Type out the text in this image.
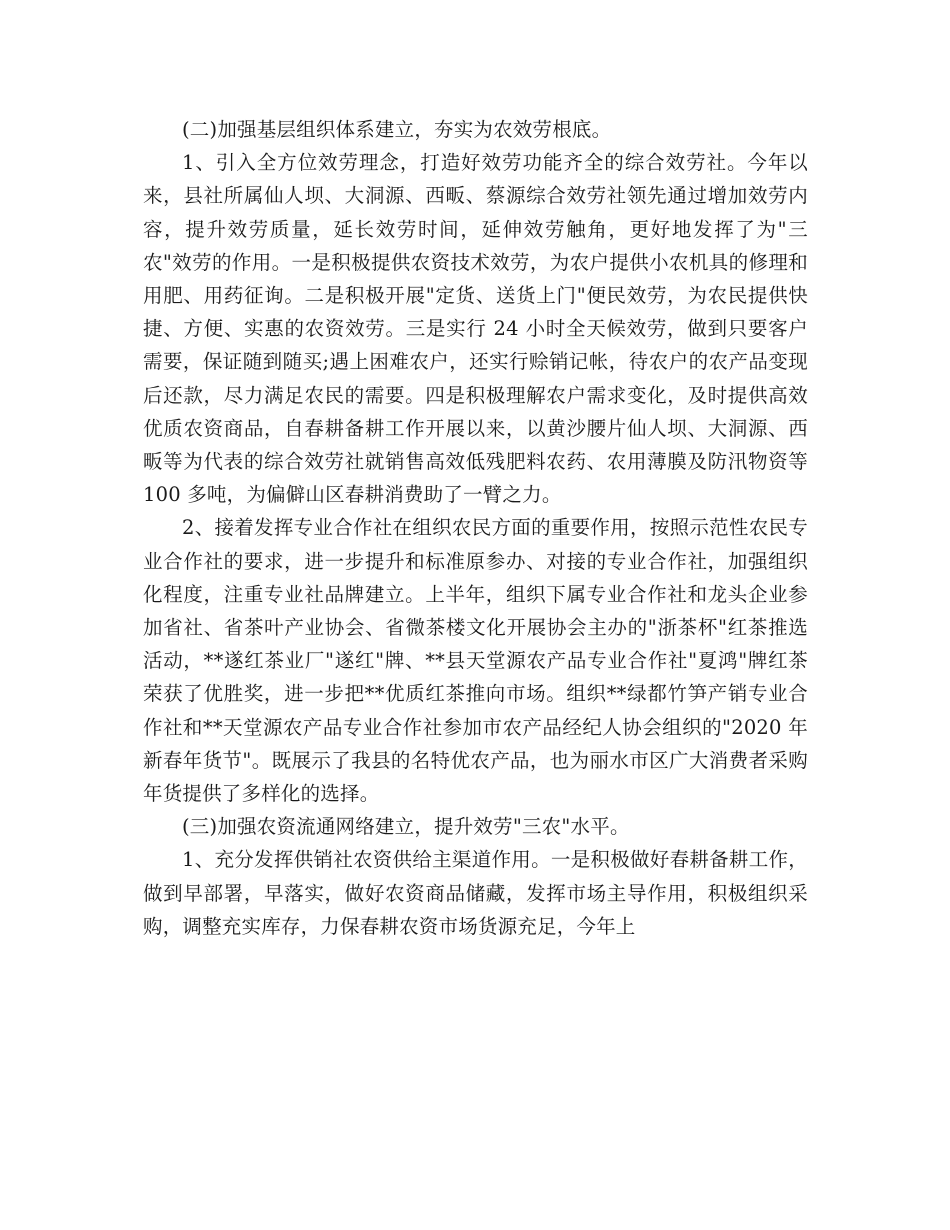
(二)加强基层组织体系建立，夯实为农效劳根底。

1、引入全方位效劳理念，打造好效劳功能齐全的综合效劳社。今年以来，县社所属仙人坝、大洞源、西畈、蔡源综合效劳社领先通过增加效劳内容，提升效劳质量，延长效劳时间，延伸效劳触角，更好地发挥了为"三农"效劳的作用。一是积极提供农资技术效劳，为农户提供小农机具的修理和用肥、用药征询。二是积极开展"定货、送货上门"便民效劳，为农民提供快捷、方便、实惠的农资效劳。三是实行 24 小时全天候效劳，做到只要客户需要，保证随到随买;遇上困难农户，还实行赊销记帐，待农户的农产品变现后还款，尽力满足农民的需要。四是积极理解农户需求变化，及时提供高效优质农资商品，自春耕备耕工作开展以来，以黄沙腰片仙人坝、大洞源、西畈等为代表的综合效劳社就销售高效低残肥料农药、农用薄膜及防汛物资等 100 多吨，为偏僻山区春耕消费助了一臂之力。

2、接着发挥专业合作社在组织农民方面的重要作用，按照示范性农民专业合作社的要求，进一步提升和标准原参办、对接的专业合作社，加强组织化程度，注重专业社品牌建立。上半年，组织下属专业合作社和龙头企业参加省社、省茶叶产业协会、省微茶楼文化开展协会主办的"浙茶杯"红茶推选活动，**遂红茶业厂"遂红"牌、**县天堂源农产品专业合作社"夏鸿"牌红茶荣获了优胜奖，进一步把**优质红茶推向市场。组织**绿都竹笋产销专业合作社和**天堂源农产品专业合作社参加市农产品经纪人协会组织的"2020 年新春年货节"。既展示了我县的名特优农产品，也为丽水市区广大消费者采购年货提供了多样化的选择。

(三)加强农资流通网络建立，提升效劳"三农"水平。

1、充分发挥供销社农资供给主渠道作用。一是积极做好春耕备耕工作，做到早部署，早落实，做好农资商品储藏，发挥市场主导作用，积极组织采购，调整充实库存，力保春耕农资市场货源充足，今年上
